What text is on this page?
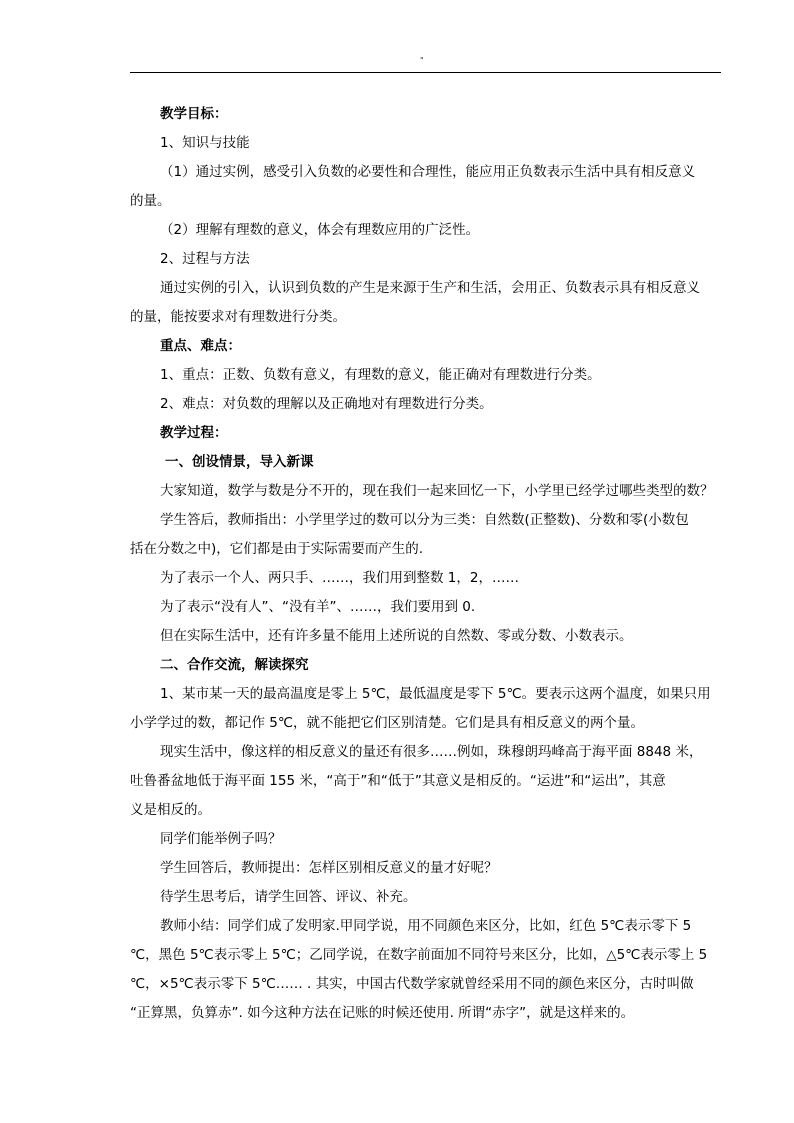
"
教学目标：
1、知识与技能
（1）通过实例，感受引入负数的必要性和合理性，能应用正负数表示生活中具有相反意义
的量。
（2）理解有理数的意义，体会有理数应用的广泛性。
2、过程与方法
通过实例的引入，认识到负数的产生是来源于生产和生活，会用正、负数表示具有相反意义
的量，能按要求对有理数进行分类。
重点、难点：
1、重点：正数、负数有意义，有理数的意义，能正确对有理数进行分类。
2、难点：对负数的理解以及正确地对有理数进行分类。
教学过程：
一、创设情景，导入新课
大家知道，数学与数是分不开的，现在我们一起来回忆一下，小学里已经学过哪些类型的数？
学生答后，教师指出：小学里学过的数可以分为三类：自然数(正整数)、分数和零(小数包
括在分数之中)，它们都是由于实际需要而产生的.
为了表示一个人、两只手、……，我们用到整数 1，2，……
为了表示“没有人”、“没有羊”、……，我们要用到 0.
但在实际生活中，还有许多量不能用上述所说的自然数、零或分数、小数表示。
二、合作交流，解读探究
1、某市某一天的最高温度是零上 5℃，最低温度是零下 5℃。要表示这两个温度，如果只用
小学学过的数，都记作 5℃，就不能把它们区别清楚。它们是具有相反意义的两个量。
现实生活中，像这样的相反意义的量还有很多……例如，珠穆朗玛峰高于海平面 8848 米，
吐鲁番盆地低于海平面 155 米，“高于”和“低于”其意义是相反的。“运进”和“运出”，其意
义是相反的。
同学们能举例子吗？
学生回答后，教师提出：怎样区别相反意义的量才好呢？
待学生思考后，请学生回答、评议、补充。
教师小结：同学们成了发明家.甲同学说，用不同颜色来区分，比如，红色 5℃表示零下 5
℃，黑色 5℃表示零上 5℃；乙同学说，在数字前面加不同符号来区分，比如，△5℃表示零上 5
℃，×5℃表示零下 5℃…… . 其实，中国古代数学家就曾经采用不同的颜色来区分，古时叫做
“正算黑，负算赤”. 如今这种方法在记账的时候还使用. 所谓“赤字”，就是这样来的。
